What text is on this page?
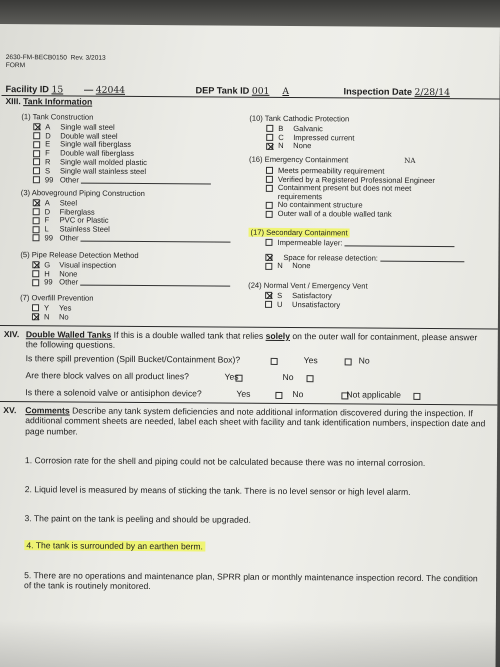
2630-FM-BECB0150 Rev. 3/2013
FORM
Facility ID 15 — 42044	DEP Tank ID 001 A	Inspection Date 2/28/14
XIII. Tank Information
(1) Tank Construction
A	Single wall steel
D	Double wall steel
E	Single wall fiberglass
F	Double wall fiberglass
R	Single wall molded plastic
S	Single wall stainless steel
99 Other
(3) Aboveground Piping Construction
A	Steel
D	Fiberglass
F	PVC or Plastic
L	Stainless Steel
99 Other
(5) Pipe Release Detection Method
G	Visual inspection
H	None
99 Other
(7) Overfill Prevention
Y	Yes
N	No
(10) Tank Cathodic Protection
B	Galvanic
C	Impressed current
N	None
(16) Emergency Containment	NA
Meets permeability requirement
Verified by a Registered Professional Engineer
Containment present but does not meet requirements
No containment structure
Outer wall of a double walled tank
(17) Secondary Containment
Impermeable layer:
Space for release detection:
N	None
(24) Normal Vent / Emergency Vent
S	Satisfactory
U	Unsatisfactory
XIV. Double Walled Tanks If this is a double walled tank that relies solely on the outer wall for containment, please answer the following questions.
Is there spill prevention (Spill Bucket/Containment Box)?
	Yes
	No
Are there block valves on all product lines?
	Yes
	No
Is there a solenoid valve or antisiphon device?
	Yes
	No	Not applicable
XV.	Comments Describe any tank system deficiencies and note additional information discovered during the inspection. If additional comment sheets are needed, label each sheet with facility and tank identification numbers, inspection date and page number.
1. Corrosion rate for the shell and piping could not be calculated because there was no internal corrosion.
2. Liquid level is measured by means of sticking the tank. There is no level sensor or high level alarm.
3. The paint on the tank is peeling and should be upgraded.
4. The tank is surrounded by an earthen berm.
5. There are no operations and maintenance plan, SPRR plan or monthly maintenance inspection record. The condition of the tank is routinely monitored.
